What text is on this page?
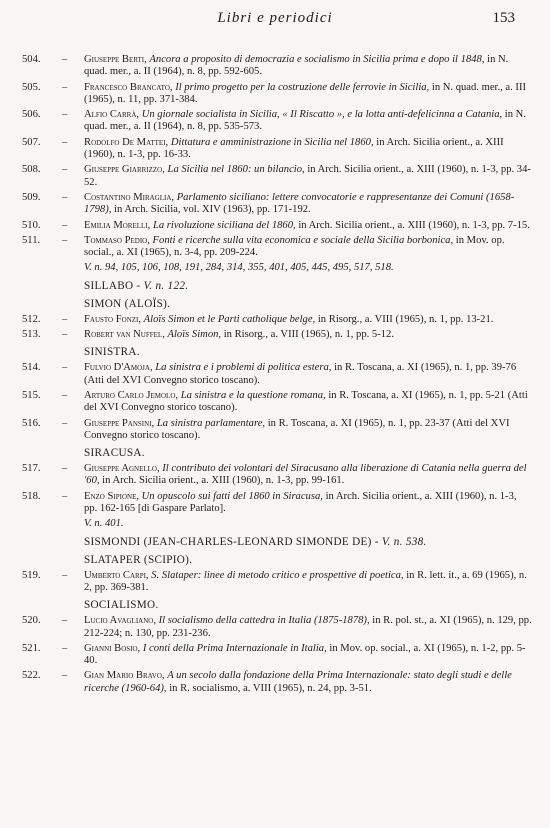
Libri e periodici	153
504.	– Giuseppe Berti, Ancora a proposito di democrazia e socialismo in Sicilia prima e dopo il 1848, in N. quad. mer., a. II (1964), n. 8, pp. 592-605.
505.	– Francesco Brancato, Il primo progetto per la costruzione delle ferrovie in Sicilia, in N. quad. mer., a. III (1965), n. 11, pp. 371-384.
506.	– Alfio Carrà, Un giornale socialista in Sicilia, « Il Riscatto », e la lotta anti-defelicinna a Catania, in N. quad. mer., a. II (1964), n. 8, pp. 535-573.
507.	– Rodolfo De Mattei, Dittatura e amministrazione in Sicilia nel 1860, in Arch. Sicilia orient., a. XIII (1960), n. 1-3, pp. 16-33.
508.	– Giuseppe Giarrizzo, La Sicilia nel 1860: un bilancio, in Arch. Sicilia orient., a. XIII (1960), n. 1-3, pp. 34-52.
509.	– Costantino Miraglia, Parlamento siciliano: lettere convocatorie e rappresentanze dei Comuni (1658-1798), in Arch. Sicilia, vol. XIV (1963), pp. 171-192.
510.	– Emilia Morelli, La rivoluzione siciliana del 1860, in Arch. Sicilia orient., a. XIII (1960), n. 1-3, pp. 7-15.
511.	– Tommaso Pedio, Fonti e ricerche sulla vita economica e sociale della Sicilia borbonica, in Mov. op. social., a. XI (1965), n. 3-4, pp. 209-224.
V. n. 94, 105, 106, 108, 191, 284, 314, 355, 401, 405, 445, 495, 517, 518.
SILLABO - V. n. 122.
SIMON (ALOÏS).
512.	– Fausto Fonzi, Aloïs Simon et le Parti catholique belge, in Risorg., a. VIII (1965), n. 1, pp. 13-21.
513.	– Robert van Nuffel, Aloïs Simon, in Risorg., a. VIII (1965), n. 1, pp. 5-12.
SINISTRA.
514.	– Fulvio D'Amoja, La sinistra e i problemi di politica estera, in R. Toscana, a. XI (1965), n. 1, pp. 39-76 (Atti del XVI Convegno storico toscano).
515.	– Arturo Carlo Jemolo, La sinistra e la questione romana, in R. Toscana, a. XI (1965), n. 1, pp. 5-21 (Atti del XVI Convegno storico toscano).
516.	– Giuseppe Pansini, La sinistra parlamentare, in R. Toscana, a. XI (1965), n. 1, pp. 23-37 (Atti del XVI Convegno storico toscano).
SIRACUSA.
517.	– Giuseppe Agnello, Il contributo dei volontari del Siracusano alla liberazione di Catania nella guerra del '60, in Arch. Sicilia orient., a. XIII (1960), n. 1-3, pp. 99-161.
518.	– Enzo Sipione, Un opuscolo sui fatti del 1860 in Siracusa, in Arch. Sicilia orient., a. XIII (1960), n. 1-3, pp. 162-165 [di Gaspare Parlato].
V. n. 401.
SISMONDI (JEAN-CHARLES-LEONARD SIMONDE DE) - V. n. 538.
SLATAPER (SCIPIO).
519.	– Umberto Carpi, S. Slataper: linee di metodo critico e prospettive di poetica, in R. lett. it., a. 69 (1965), n. 2, pp. 369-381.
SOCIALISMO.
520.	– Lucio Avagliano, Il socialismo della cattedra in Italia (1875-1878), in R. pol. st., a. XI (1965), n. 129, pp. 212-224; n. 130, pp. 231-236.
521.	– Gianni Bosio, I conti della Prima Internazionale in Italia, in Mov. op. social., a. XI (1965), n. 1-2, pp. 5-40.
522.	– Gian Mario Bravo, A un secolo dalla fondazione della Prima Internazionale: stato degli studi e delle ricerche (1960-64), in R. socialismo, a. VIII (1965), n. 24, pp. 3-51.
